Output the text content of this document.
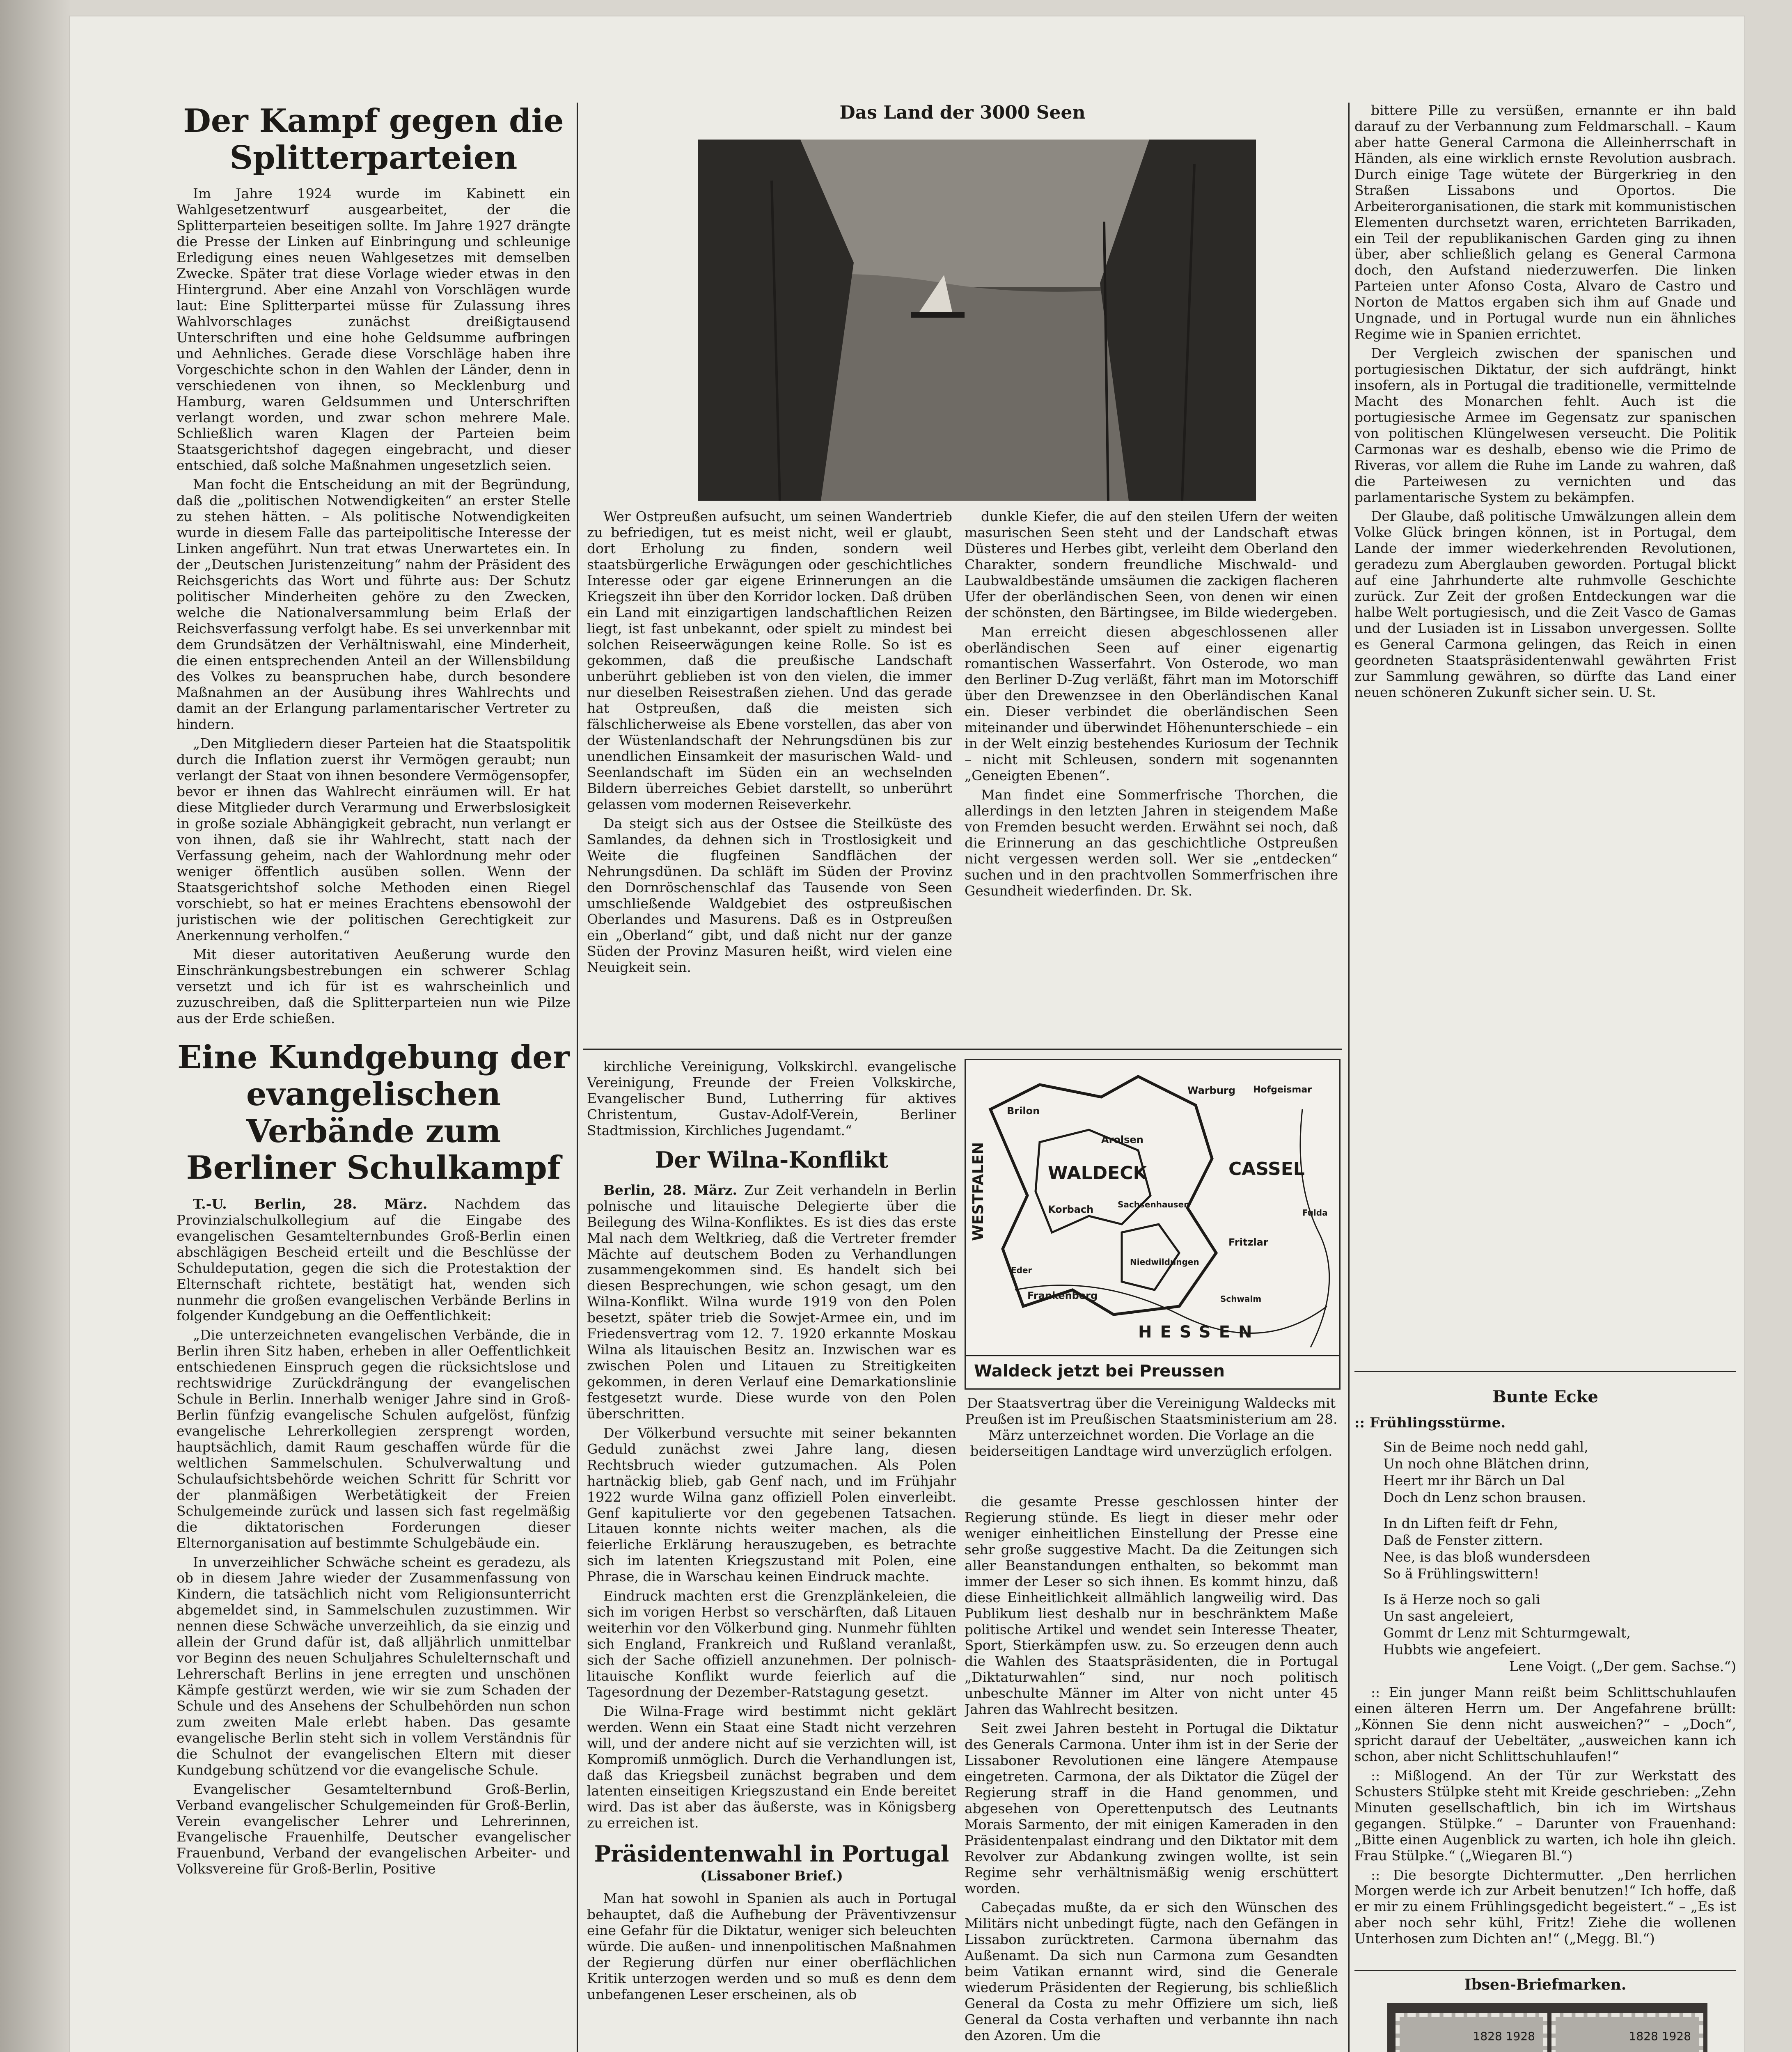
Der Kampf gegen die Splitterparteien

Im Jahre 1924 wurde im Kabinett ein Wahlgesetzentwurf ausgearbeitet, der die Splitterparteien beseitigen sollte. Im Jahre 1927 drängte die Presse der Linken auf Einbringung und schleunige Erledigung eines neuen Wahlgesetzes mit demselben Zwecke. Später trat diese Vorlage wieder etwas in den Hintergrund. Aber eine Anzahl von Vorschlägen wurde laut: Eine Splitterpartei müsse für Zulassung ihres Wahlvorschlages zunächst dreißigtausend Unterschriften und eine hohe Geldsumme aufbringen und Aehnliches. Gerade diese Vorschläge haben ihre Vorgeschichte schon in den Wahlen der Länder, denn in verschiedenen von ihnen, so Mecklenburg und Hamburg, waren Geldsummen und Unterschriften verlangt worden, und zwar schon mehrere Male. Schließlich waren Klagen der Parteien beim Staatsgerichtshof dagegen eingebracht, und dieser entschied, daß solche Maßnahmen ungesetzlich seien.

Man focht die Entscheidung an mit der Begründung, daß die „politischen Notwendigkeiten“ an erster Stelle zu stehen hätten. – Als politische Notwendigkeiten wurde in diesem Falle das parteipolitische Interesse der Linken angeführt. Nun trat etwas Unerwartetes ein. In der „Deutschen Juristenzeitung“ nahm der Präsident des Reichsgerichts das Wort und führte aus: Der Schutz politischer Minderheiten gehöre zu den Zwecken, welche die Nationalversammlung beim Erlaß der Reichsverfassung verfolgt habe. Es sei unverkennbar mit dem Grundsätzen der Verhältniswahl, eine Minderheit, die einen entsprechenden Anteil an der Willensbildung des Volkes zu beanspruchen habe, durch besondere Maßnahmen an der Ausübung ihres Wahlrechts und damit an der Erlangung parlamentarischer Vertreter zu hindern.

„Den Mitgliedern dieser Parteien hat die Staatspolitik durch die Inflation zuerst ihr Vermögen geraubt; nun verlangt der Staat von ihnen besondere Vermögensopfer, bevor er ihnen das Wahlrecht einräumen will. Er hat diese Mitglieder durch Verarmung und Erwerbslosigkeit in große soziale Abhängigkeit gebracht, nun verlangt er von ihnen, daß sie ihr Wahlrecht, statt nach der Verfassung geheim, nach der Wahlordnung mehr oder weniger öffentlich ausüben sollen. Wenn der Staatsgerichtshof solche Methoden einen Riegel vorschiebt, so hat er meines Erachtens ebensowohl der juristischen wie der politischen Gerechtigkeit zur Anerkennung verholfen.“

Mit dieser autoritativen Aeußerung wurde den Einschränkungsbestrebungen ein schwerer Schlag versetzt und ich für ist es wahrscheinlich und zuzuschreiben, daß die Splitterparteien nun wie Pilze aus der Erde schießen.

Eine Kundgebung der evangelischen Verbände zum Berliner Schulkampf

T.-U. Berlin, 28. März. Nachdem das Provinzialschulkollegium auf die Eingabe des evangelischen Gesamtelternbundes Groß-Berlin einen abschlägigen Bescheid erteilt und die Beschlüsse der Schuldeputation, gegen die sich die Protestaktion der Elternschaft richtete, bestätigt hat, wenden sich nunmehr die großen evangelischen Verbände Berlins in folgender Kundgebung an die Oeffentlichkeit:

„Die unterzeichneten evangelischen Verbände, die in Berlin ihren Sitz haben, erheben in aller Oeffentlichkeit entschiedenen Einspruch gegen die rücksichtslose und rechtswidrige Zurückdrängung der evangelischen Schule in Berlin. Innerhalb weniger Jahre sind in Groß-Berlin fünfzig evangelische Schulen aufgelöst, fünfzig evangelische Lehrerkollegien zersprengt worden, hauptsächlich, damit Raum geschaffen würde für die weltlichen Sammelschulen. Schulverwaltung und Schulaufsichtsbehörde weichen Schritt für Schritt vor der planmäßigen Werbetätigkeit der Freien Schulgemeinde zurück und lassen sich fast regelmäßig die diktatorischen Forderungen dieser Elternorganisation auf bestimmte Schulgebäude ein.

In unverzeihlicher Schwäche scheint es geradezu, als ob in diesem Jahre wieder der Zusammenfassung von Kindern, die tatsächlich nicht vom Religionsunterricht abgemeldet sind, in Sammelschulen zuzustimmen. Wir nennen diese Schwäche unverzeihlich, da sie einzig und allein der Grund dafür ist, daß alljährlich unmittelbar vor Beginn des neuen Schuljahres Schulelternschaft und Lehrerschaft Berlins in jene erregten und unschönen Kämpfe gestürzt werden, wie wir sie zum Schaden der Schule und des Ansehens der Schulbehörden nun schon zum zweiten Male erlebt haben. Das gesamte evangelische Berlin steht sich in vollem Verständnis für die Schulnot der evangelischen Eltern mit dieser Kundgebung schützend vor die evangelische Schule.

Evangelischer Gesamtelternbund Groß-Berlin, Verband evangelischer Schulgemeinden für Groß-Berlin, Verein evangelischer Lehrer und Lehrerinnen, Evangelische Frauenhilfe, Deutscher evangelischer Frauenbund, Verband der evangelischen Arbeiter- und Volksvereine für Groß-Berlin, Positive

Das Land der 3000 Seen

Wer Ostpreußen aufsucht, um seinen Wandertrieb zu befriedigen, tut es meist nicht, weil er glaubt, dort Erholung zu finden, sondern weil staatsbürgerliche Erwägungen oder geschichtliches Interesse oder gar eigene Erinnerungen an die Kriegszeit ihn über den Korridor locken. Daß drüben ein Land mit einzigartigen landschaftlichen Reizen liegt, ist fast unbekannt, oder spielt zu mindest bei solchen Reiseerwägungen keine Rolle. So ist es gekommen, daß die preußische Landschaft unberührt geblieben ist von den vielen, die immer nur dieselben Reisestraßen ziehen. Und das gerade hat Ostpreußen, daß die meisten sich fälschlicherweise als Ebene vorstellen, das aber von der Wüstenlandschaft der Nehrungsdünen bis zur unendlichen Einsamkeit der masurischen Wald- und Seenlandschaft im Süden ein an wechselnden Bildern überreiches Gebiet darstellt, so unberührt gelassen vom modernen Reiseverkehr.

Da steigt sich aus der Ostsee die Steilküste des Samlandes, da dehnen sich in Trostlosigkeit und Weite die flugfeinen Sandflächen der Nehrungsdünen. Da schläft im Süden der Provinz den Dornröschenschlaf das Tausende von Seen umschließende Waldgebiet des ostpreußischen Oberlandes und Masurens. Daß es in Ostpreußen ein „Oberland“ gibt, und daß nicht nur der ganze Süden der Provinz Masuren heißt, wird vielen eine Neuigkeit sein.

dunkle Kiefer, die auf den steilen Ufern der weiten masurischen Seen steht und der Landschaft etwas Düsteres und Herbes gibt, verleiht dem Oberland den Charakter, sondern freundliche Mischwald- und Laubwaldbestände umsäumen die zackigen flacheren Ufer der oberländischen Seen, von denen wir einen der schönsten, den Bärtingsee, im Bilde wiedergeben.

Man erreicht diesen abgeschlossenen aller oberländischen Seen auf einer eigenartig romantischen Wasserfahrt. Von Osterode, wo man den Berliner D-Zug verläßt, fährt man im Motorschiff über den Drewenzsee in den Oberländischen Kanal ein. Dieser verbindet die oberländischen Seen miteinander und überwindet Höhenunterschiede – ein in der Welt einzig bestehendes Kuriosum der Technik – nicht mit Schleusen, sondern mit sogenannten „Geneigten Ebenen“.

Man findet eine Sommerfrische Thorchen, die allerdings in den letzten Jahren in steigendem Maße von Fremden besucht werden. Erwähnt sei noch, daß die Erinnerung an das geschichtliche Ostpreußen nicht vergessen werden soll. Wer sie „entdecken“ suchen und in den prachtvollen Sommerfrischen ihre Gesundheit wiederfinden. Dr. Sk.

kirchliche Vereinigung, Volkskirchl. evangelische Vereinigung, Freunde der Freien Volkskirche, Evangelischer Bund, Lutherring für aktives Christentum, Gustav-Adolf-Verein, Berliner Stadtmission, Kirchliches Jugendamt.“

Der Wilna-Konflikt

Berlin, 28. März. Zur Zeit verhandeln in Berlin polnische und litauische Delegierte über die Beilegung des Wilna-Konfliktes. Es ist dies das erste Mal nach dem Weltkrieg, daß die Vertreter fremder Mächte auf deutschem Boden zu Verhandlungen zusammengekommen sind. Es handelt sich bei diesen Besprechungen, wie schon gesagt, um den Wilna-Konflikt. Wilna wurde 1919 von den Polen besetzt, später trieb die Sowjet-Armee ein, und im Friedensvertrag vom 12. 7. 1920 erkannte Moskau Wilna als litauischen Besitz an. Inzwischen war es zwischen Polen und Litauen zu Streitigkeiten gekommen, in deren Verlauf eine Demarkationslinie festgesetzt wurde. Diese wurde von den Polen überschritten.

Der Völkerbund versuchte mit seiner bekannten Geduld zunächst zwei Jahre lang, diesen Rechtsbruch wieder gutzumachen. Als Polen hartnäckig blieb, gab Genf nach, und im Frühjahr 1922 wurde Wilna ganz offiziell Polen einverleibt. Genf kapitulierte vor den gegebenen Tatsachen. Litauen konnte nichts weiter machen, als die feierliche Erklärung herauszugeben, es betrachte sich im latenten Kriegszustand mit Polen, eine Phrase, die in Warschau keinen Eindruck machte.

Eindruck machten erst die Grenzplänkeleien, die sich im vorigen Herbst so verschärften, daß Litauen weiterhin vor den Völkerbund ging. Nunmehr fühlten sich England, Frankreich und Rußland veranlaßt, sich der Sache offiziell anzunehmen. Der polnisch-litauische Konflikt wurde feierlich auf die Tagesordnung der Dezember-Ratstagung gesetzt.

Die Wilna-Frage wird bestimmt nicht geklärt werden. Wenn ein Staat eine Stadt nicht verzehren will, und der andere nicht auf sie verzichten will, ist Kompromiß unmöglich. Durch die Verhandlungen ist, daß das Kriegsbeil zunächst begraben und dem latenten einseitigen Kriegszustand ein Ende bereitet wird. Das ist aber das äußerste, was in Königsberg zu erreichen ist.

Präsidentenwahl in Portugal
(Lissaboner Brief.)

Man hat sowohl in Spanien als auch in Portugal behauptet, daß die Aufhebung der Präventivzensur eine Gefahr für die Diktatur, weniger sich beleuchten würde. Die außen- und innenpolitischen Maßnahmen der Regierung dürfen nur einer oberflächlichen Kritik unterzogen werden und so muß es denn dem unbefangenen Leser erscheinen, als ob

WALDECK	CASSEL
WESTFALEN
HESSEN
Warburg Hofgeismar
Brilon
Arolsen
Korbach	Sachsenhausen
Fritzlar
Niedwildungen
Frankenberg	Schwalm
Eder
Fulda
Waldeck jetzt bei Preussen

Der Staatsvertrag über die Vereinigung Waldecks mit Preußen ist im Preußischen Staatsministerium am 28. März unterzeichnet worden. Die Vorlage an die beiderseitigen Landtage wird unverzüglich erfolgen.

die gesamte Presse geschlossen hinter der Regierung stünde. Es liegt in dieser mehr oder weniger einheitlichen Einstellung der Presse eine sehr große suggestive Macht. Da die Zeitungen sich aller Beanstandungen enthalten, so bekommt man immer der Leser so sich ihnen. Es kommt hinzu, daß diese Einheitlichkeit allmählich langweilig wird. Das Publikum liest deshalb nur in beschränktem Maße politische Artikel und wendet sein Interesse Theater, Sport, Stierkämpfen usw. zu. So erzeugen denn auch die Wahlen des Staatspräsidenten, die in Portugal „Diktaturwahlen“ sind, nur noch politisch unbeschulte Männer im Alter von nicht unter 45 Jahren das Wahlrecht besitzen.

Seit zwei Jahren besteht in Portugal die Diktatur des Generals Carmona. Unter ihm ist in der Serie der Lissaboner Revolutionen eine längere Atempause eingetreten. Carmona, der als Diktator die Zügel der Regierung straff in die Hand genommen, und abgesehen von Operettenputsch des Leutnants Morais Sarmento, der mit einigen Kameraden in den Präsidentenpalast eindrang und den Diktator mit dem Revolver zur Abdankung zwingen wollte, ist sein Regime sehr verhältnismäßig wenig erschüttert worden.

Cabeçadas mußte, da er sich den Wünschen des Militärs nicht unbedingt fügte, nach den Gefängen in Lissabon zurücktreten. Carmona übernahm das Außenamt. Da sich nun Carmona zum Gesandten beim Vatikan ernannt wird, sind die Generale wiederum Präsidenten der Regierung, bis schließlich General da Costa zu mehr Offiziere um sich, ließ General da Costa verhaften und verbannte ihn nach den Azoren. Um die

bittere Pille zu versüßen, ernannte er ihn bald darauf zu der Verbannung zum Feldmarschall. – Kaum aber hatte General Carmona die Alleinherrschaft in Händen, als eine wirklich ernste Revolution ausbrach. Durch einige Tage wütete der Bürgerkrieg in den Straßen Lissabons und Oportos. Die Arbeiterorganisationen, die stark mit kommunistischen Elementen durchsetzt waren, errichteten Barrikaden, ein Teil der republikanischen Garden ging zu ihnen über, aber schließlich gelang es General Carmona doch, den Aufstand niederzuwerfen. Die linken Parteien unter Afonso Costa, Alvaro de Castro und Norton de Mattos ergaben sich ihm auf Gnade und Ungnade, und in Portugal wurde nun ein ähnliches Regime wie in Spanien errichtet.

Der Vergleich zwischen der spanischen und portugiesischen Diktatur, der sich aufdrängt, hinkt insofern, als in Portugal die traditionelle, vermittelnde Macht des Monarchen fehlt. Auch ist die portugiesische Armee im Gegensatz zur spanischen von politischen Klüngelwesen verseucht. Die Politik Carmonas war es deshalb, ebenso wie die Primo de Riveras, vor allem die Ruhe im Lande zu wahren, daß die Parteiwesen zu vernichten und das parlamentarische System zu bekämpfen.

Der Glaube, daß politische Umwälzungen allein dem Volke Glück bringen können, ist in Portugal, dem Lande der immer wiederkehrenden Revolutionen, geradezu zum Aberglauben geworden. Portugal blickt auf eine Jahrhunderte alte ruhmvolle Geschichte zurück. Zur Zeit der großen Entdeckungen war die halbe Welt portugiesisch, und die Zeit Vasco de Gamas und der Lusiaden ist in Lissabon unvergessen. Sollte es General Carmona gelingen, das Reich in einen geordneten Staatspräsidentenwahl gewährten Frist zur Sammlung gewähren, so dürfte das Land einer neuen schöneren Zukunft sicher sein. U. St.

Bunte Ecke
:: Frühlingsstürme.

Sin de Beime noch nedd gahl,

Un noch ohne Blätchen drinn,

Heert mr ihr Bärch un Dal

Doch dn Lenz schon brausen.

In dn Liften feift dr Fehn,

Daß de Fenster zittern.

Nee, is das bloß wundersdeen

So ä Frühlingswittern!

Is ä Herze noch so gali

Un sast angeleiert,

Gommt dr Lenz mit Schturmgewalt,

Hubbts wie angefeiert.

Lene Voigt. („Der gem. Sachse.“)

:: Ein junger Mann reißt beim Schlittschuhlaufen einen älteren Herrn um. Der Angefahrene brüllt: „Können Sie denn nicht ausweichen?“ – „Doch“, spricht darauf der Uebeltäter, „ausweichen kann ich schon, aber nicht Schlittschuhlaufen!“

:: Mißlogend. An der Tür zur Werkstatt des Schusters Stülpke steht mit Kreide geschrieben: „Zehn Minuten gesellschaftlich, bin ich im Wirtshaus gegangen. Stülpke.“ – Darunter von Frauenhand: „Bitte einen Augenblick zu warten, ich hole ihn gleich. Frau Stülpke.“ („Wiegaren Bl.“)

:: Die besorgte Dichtermutter. „Den herrlichen Morgen werde ich zur Arbeit benutzen!“ Ich hoffe, daß er mir zu einem Frühlingsgedicht begeistert.“ – „Es ist aber noch sehr kühl, Fritz! Ziehe die wollenen Unterhosen zum Dichten an!“ („Megg. Bl.“)

Ibsen-Briefmarken.
1828 1928	1828 1928
